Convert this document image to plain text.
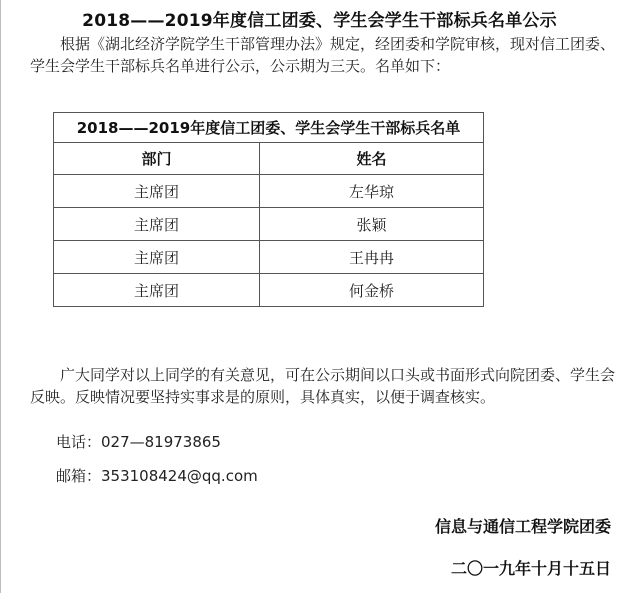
2018——2019年度信工团委、学生会学生干部标兵名单公示

根据《湖北经济学院学生干部管理办法》规定，经团委和学院审核，现对信工团委、学生会学生干部标兵名单进行公示，公示期为三天。名单如下：

2018——2019年度信工团委、学生会学生干部标兵名单	
部门	姓名
主席团	左华琼
主席团	张颖
主席团	王冉冉
主席团	何金桥

广大同学对以上同学的有关意见，可在公示期间以口头或书面形式向院团委、学生会反映。反映情况要坚持实事求是的原则，具体真实，以便于调查核实。

电话：027—81973865
邮箱：353108424@qq.com
信息与通信工程学院团委
二〇一九年十月十五日
